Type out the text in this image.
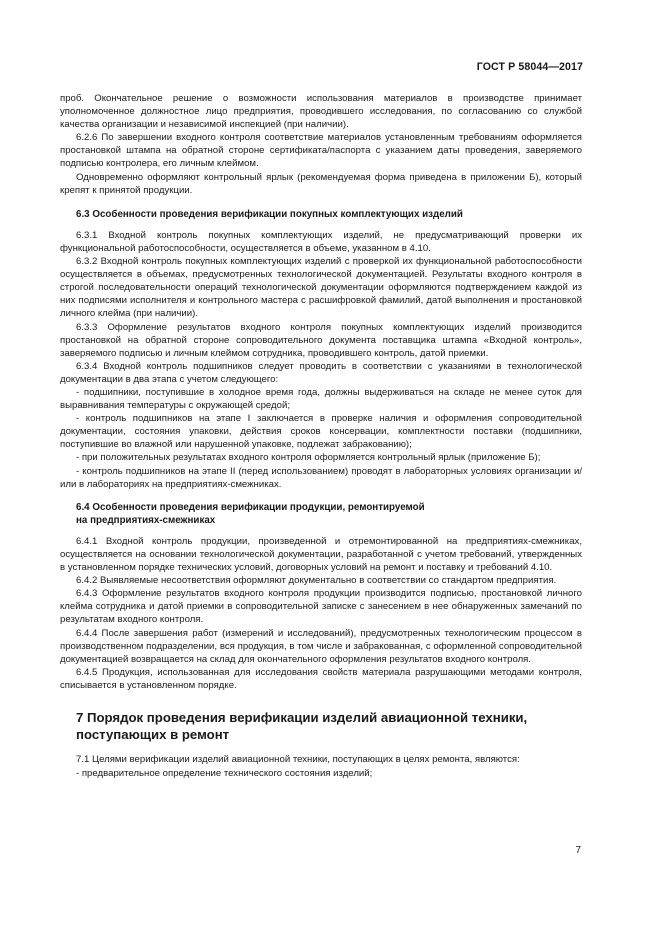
ГОСТ Р 58044—2017

проб. Окончательное решение о возможности использования материалов в производстве принимает уполномоченное должностное лицо предприятия, проводившего исследования, по согласованию со службой качества организации и независимой инспекцией (при наличии).

6.2.6 По завершении входного контроля соответствие материалов установленным требованиям оформляется простановкой штампа на обратной стороне сертификата/паспорта с указанием даты проведения, заверяемого подписью контролера, его личным клеймом.

Одновременно оформляют контрольный ярлык (рекомендуемая форма приведена в приложении Б), который крепят к принятой продукции.

6.3 Особенности проведения верификации покупных комплектующих изделий

6.3.1 Входной контроль покупных комплектующих изделий, не предусматривающий проверки их функциональной работоспособности, осуществляется в объеме, указанном в 4.10.

6.3.2 Входной контроль покупных комплектующих изделий с проверкой их функциональной работоспособности осуществляется в объемах, предусмотренных технологической документацией. Результаты входного контроля в строгой последовательности операций технологической документации оформляются подтверждением каждой из них подписями исполнителя и контрольного мастера с расшифровкой фамилий, датой выполнения и простановкой личного клейма (при наличии).

6.3.3 Оформление результатов входного контроля покупных комплектующих изделий производится простановкой на обратной стороне сопроводительного документа поставщика штампа «Входной контроль», заверяемого подписью и личным клеймом сотрудника, проводившего контроль, датой приемки.

6.3.4 Входной контроль подшипников следует проводить в соответствии с указаниями в технологической документации в два этапа с учетом следующего:

- подшипники, поступившие в холодное время года, должны выдерживаться на складе не менее суток для выравнивания температуры с окружающей средой;

- контроль подшипников на этапе I заключается в проверке наличия и оформления сопроводительной документации, состояния упаковки, действия сроков консервации, комплектности поставки (подшипники, поступившие во влажной или нарушенной упаковке, подлежат забракованию);

- при положительных результатах входного контроля оформляется контрольный ярлык (приложение Б);

- контроль подшипников на этапе II (перед использованием) проводят в лабораторных условиях организации и/или в лабораториях на предприятиях-смежниках.

6.4 Особенности проведения верификации продукции, ремонтируемой
на предприятиях-смежниках

6.4.1 Входной контроль продукции, произведенной и отремонтированной на предприятиях-смежниках, осуществляется на основании технологической документации, разработанной с учетом требований, утвержденных в установленном порядке технических условий, договорных условий на ремонт и поставку и требований 4.10.

6.4.2 Выявляемые несоответствия оформляют документально в соответствии со стандартом предприятия.

6.4.3 Оформление результатов входного контроля продукции производится подписью, простановкой личного клейма сотрудника и датой приемки в сопроводительной записке с занесением в нее обнаруженных замечаний по результатам входного контроля.

6.4.4 После завершения работ (измерений и исследований), предусмотренных технологическим процессом в производственном подразделении, вся продукция, в том числе и забракованная, с оформленной сопроводительной документацией возвращается на склад для окончательного оформления результатов входного контроля.

6.4.5 Продукция, использованная для исследования свойств материала разрушающими методами контроля, списывается в установленном порядке.

7 Порядок проведения верификации изделий авиационной техники,
поступающих в ремонт

7.1 Целями верификации изделий авиационной техники, поступающих в целях ремонта, являются:

- предварительное определение технического состояния изделий;

7
